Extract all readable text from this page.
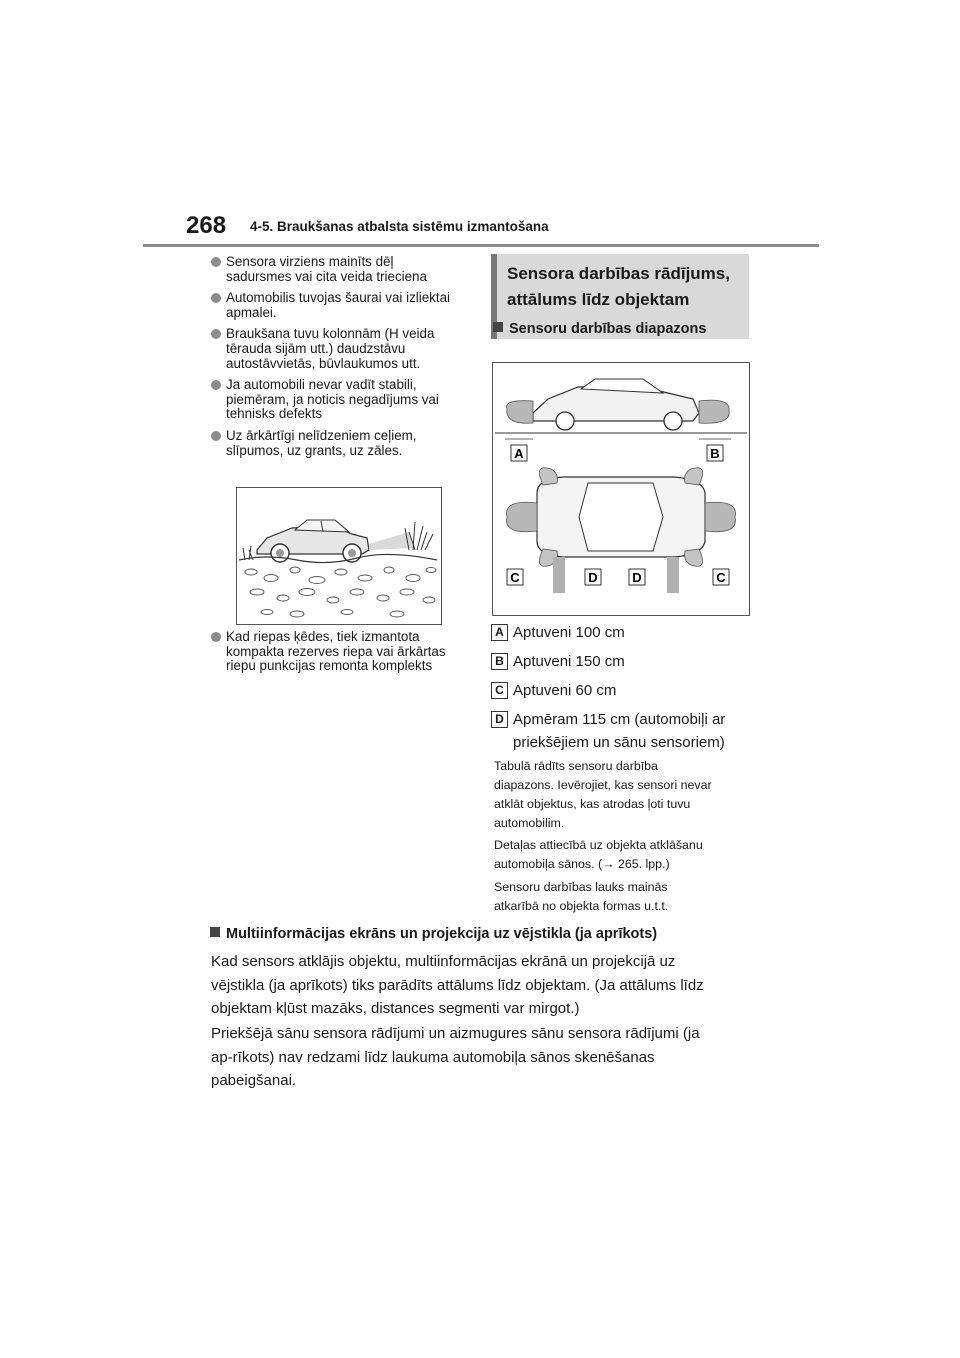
268 4-5. Braukšanas atbalsta sistēmu izmantošana
Sensora virziens mainīts dēļ
sadursmes vai cita veida trieciena
Automobilis tuvojas šaurai vai izliektai
apmalei.
Braukšana tuvu kolonnām (H veida
tērauda sijām utt.) daudzstāvu
autostāvvietās, būvlaukumos utt.
Ja automobili nevar vadīt stabili,
piemēram, ja noticis negadījums vai
tehnisks defekts
Uz ārkārtīgi nelīdzeniem ceļiem,
slīpumos, uz grants, uz zāles.
Kad riepas ķēdes, tiek izmantota
kompakta rezerves riepa vai ārkārtas
riepu punkcijas remonta komplekts
Sensora darbības rādījums,
attālums līdz objektam
Sensoru darbības diapazons
A	B
C	D	D	C
A Aptuveni 100 cm
B Aptuveni 150 cm
C Aptuveni 60 cm
D Apmēram 115 cm (automobiļi ar
priekšējiem un sānu sensoriem)
Tabulā rādīts sensoru darbība
diapazons. Ievērojiet, kas sensori nevar
atklāt objektus, kas atrodas ļoti tuvu
automobilim.
Detaļas attiecībā uz objekta atklāšanu
automobiļa sānos. (→ 265. lpp.)
Sensoru darbības lauks mainās
atkarībā no objekta formas u.t.t.
Multiinformācijas ekrāns un projekcija uz vējstikla (ja aprīkots)
Kad sensors atklājis objektu, multiinformācijas ekrānā un projekcijā uz
vējstikla (ja aprīkots) tiks parādīts attālums līdz objektam. (Ja attālums līdz
objektam kļūst mazāks, distances segmenti var mirgot.)
Priekšējā sānu sensora rādījumi un aizmugures sānu sensora rādījumi (ja
ap-rīkots) nav redzami līdz laukuma automobiļa sānos skenēšanas
pabeigšanai.
